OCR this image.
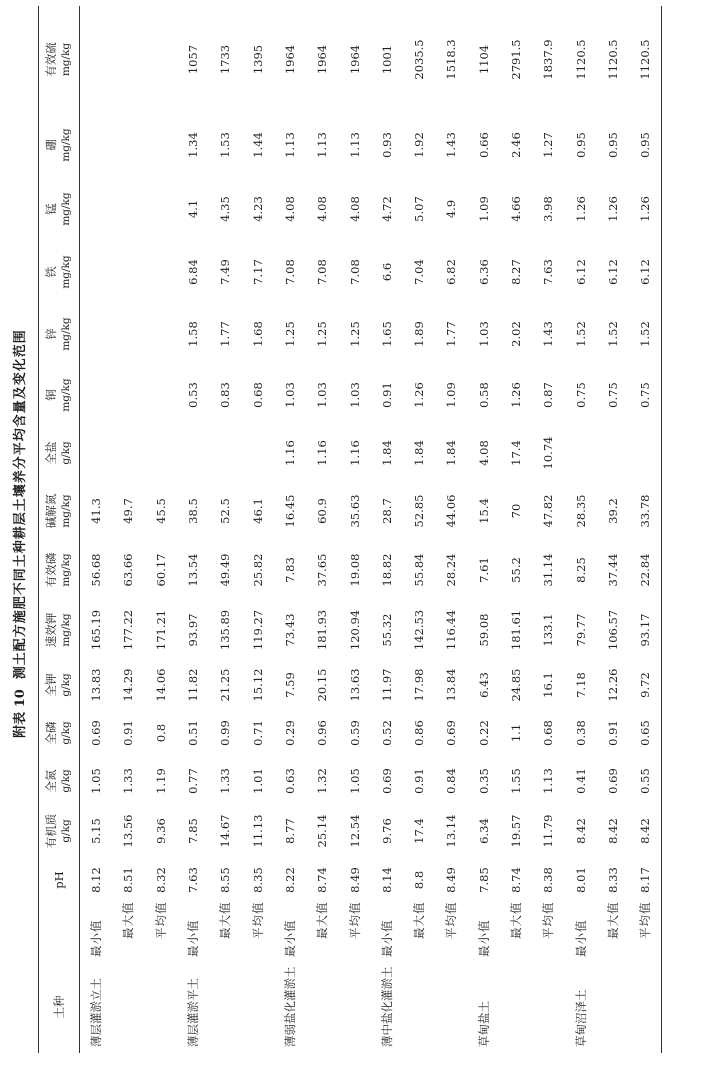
附表 10测土配方施肥不同土种耕层土壤养分平均含量及变化范围
土种		pH	有机质 g/kg	全氮 g/kg	全磷 g/kg	全钾 g/kg	速效钾 mg/kg	有效磷 mg/kg	碱解氮 mg/kg	全盐 g/kg	铜 mg/kg	锌 mg/kg	铁 mg/kg	锰 mg/kg	硼 mg/kg	有效硫 mg/kg

薄层灌淤立土	最小值	8.12	5.15	1.05	0.69	13.83	165.19	56.68	41.3							
	最大值	8.51	13.56	1.33	0.91	14.29	177.22	63.66	49.7							
	平均值	8.32	9.36	1.19	0.8	14.06	171.21	60.17	45.5							
薄层灌淤平土	最小值	7.63	7.85	0.77	0.51	11.82	93.97	13.54	38.5		0.53	1.58	6.84	4.1	1.34	1057
	最大值	8.55	14.67	1.33	0.99	21.25	135.89	49.49	52.5		0.83	1.77	7.49	4.35	1.53	1733
	平均值	8.35	11.13	1.01	0.71	15.12	119.27	25.82	46.1		0.68	1.68	7.17	4.23	1.44	1395
薄弱盐化灌淤土	最小值	8.22	8.77	0.63	0.29	7.59	73.43	7.83	16.45	1.16	1.03	1.25	7.08	4.08	1.13	1964
	最大值	8.74	25.14	1.32	0.96	20.15	181.93	37.65	60.9	1.16	1.03	1.25	7.08	4.08	1.13	1964
	平均值	8.49	12.54	1.05	0.59	13.63	120.94	19.08	35.63	1.16	1.03	1.25	7.08	4.08	1.13	1964
薄中盐化灌淤土	最小值	8.14	9.76	0.69	0.52	11.97	55.32	18.82	28.7	1.84	0.91	1.65	6.6	4.72	0.93	1001
	最大值	8.8	17.4	0.91	0.86	17.98	142.53	55.84	52.85	1.84	1.26	1.89	7.04	5.07	1.92	2035.5
	平均值	8.49	13.14	0.84	0.69	13.84	116.44	28.24	44.06	1.84	1.09	1.77	6.82	4.9	1.43	1518.3
草甸盐土	最小值	7.85	6.34	0.35	0.22	6.43	59.08	7.61	15.4	4.08	0.58	1.03	6.36	1.09	0.66	1104
	最大值	8.74	19.57	1.55	1.1	24.85	181.61	55.2	70	17.4	1.26	2.02	8.27	4.66	2.46	2791.5
	平均值	8.38	11.79	1.13	0.68	16.1	133.1	31.14	47.82	10.74	0.87	1.43	7.63	3.98	1.27	1837.9
草甸沼泽土	最小值	8.01	8.42	0.41	0.38	7.18	79.77	8.25	28.35		0.75	1.52	6.12	1.26	0.95	1120.5
	最大值	8.33	8.42	0.69	0.91	12.26	106.57	37.44	39.2		0.75	1.52	6.12	1.26	0.95	1120.5
	平均值	8.17	8.42	0.55	0.65	9.72	93.17	22.84	33.78		0.75	1.52	6.12	1.26	0.95	1120.5
